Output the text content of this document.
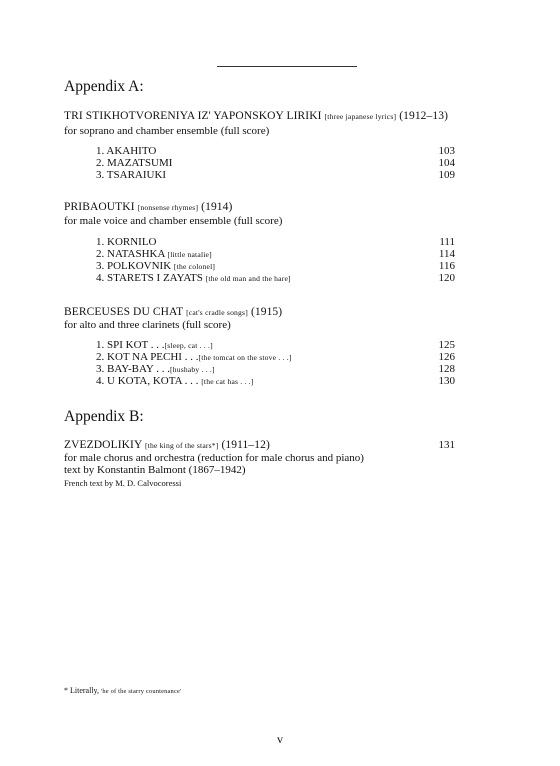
Appendix A:
TRI STIKHOTVORENIYA IZ' YAPONSKOY LIRIKI [three japanese lyrics] (1912–13)
for soprano and chamber ensemble (full score)
1. AKAHITO	103
2. MAZATSUMI	104
3. TSARAIUKI	109
PRIBAOUTKI [nonsense rhymes] (1914)
for male voice and chamber ensemble (full score)
1. KORNILO	111
2. NATASHKA [little natalie]	114
3. POLKOVNIK [the colonel]	116
4. STARETS I ZAYATS [the old man and the hare]	120
BERCEUSES DU CHAT [cat's cradle songs] (1915)
for alto and three clarinets (full score)
1. SPI KOT . . .[sleep, cat . . .]	125
2. KOT NA PECHI . . .[the tomcat on the stove . . .]	126
3. BAY-BAY . . .[hushaby . . .]	128
4. U KOTA, KOTA . . . [the cat has . . .]	130
Appendix B:
ZVEZDOLIKIY [the king of the stars*] (1911–12)	131
for male chorus and orchestra (reduction for male chorus and piano)
text by Konstantin Balmont (1867–1942)
French text by M. D. Calvocoressi
* Literally, 'he of the starry countenance'
v
